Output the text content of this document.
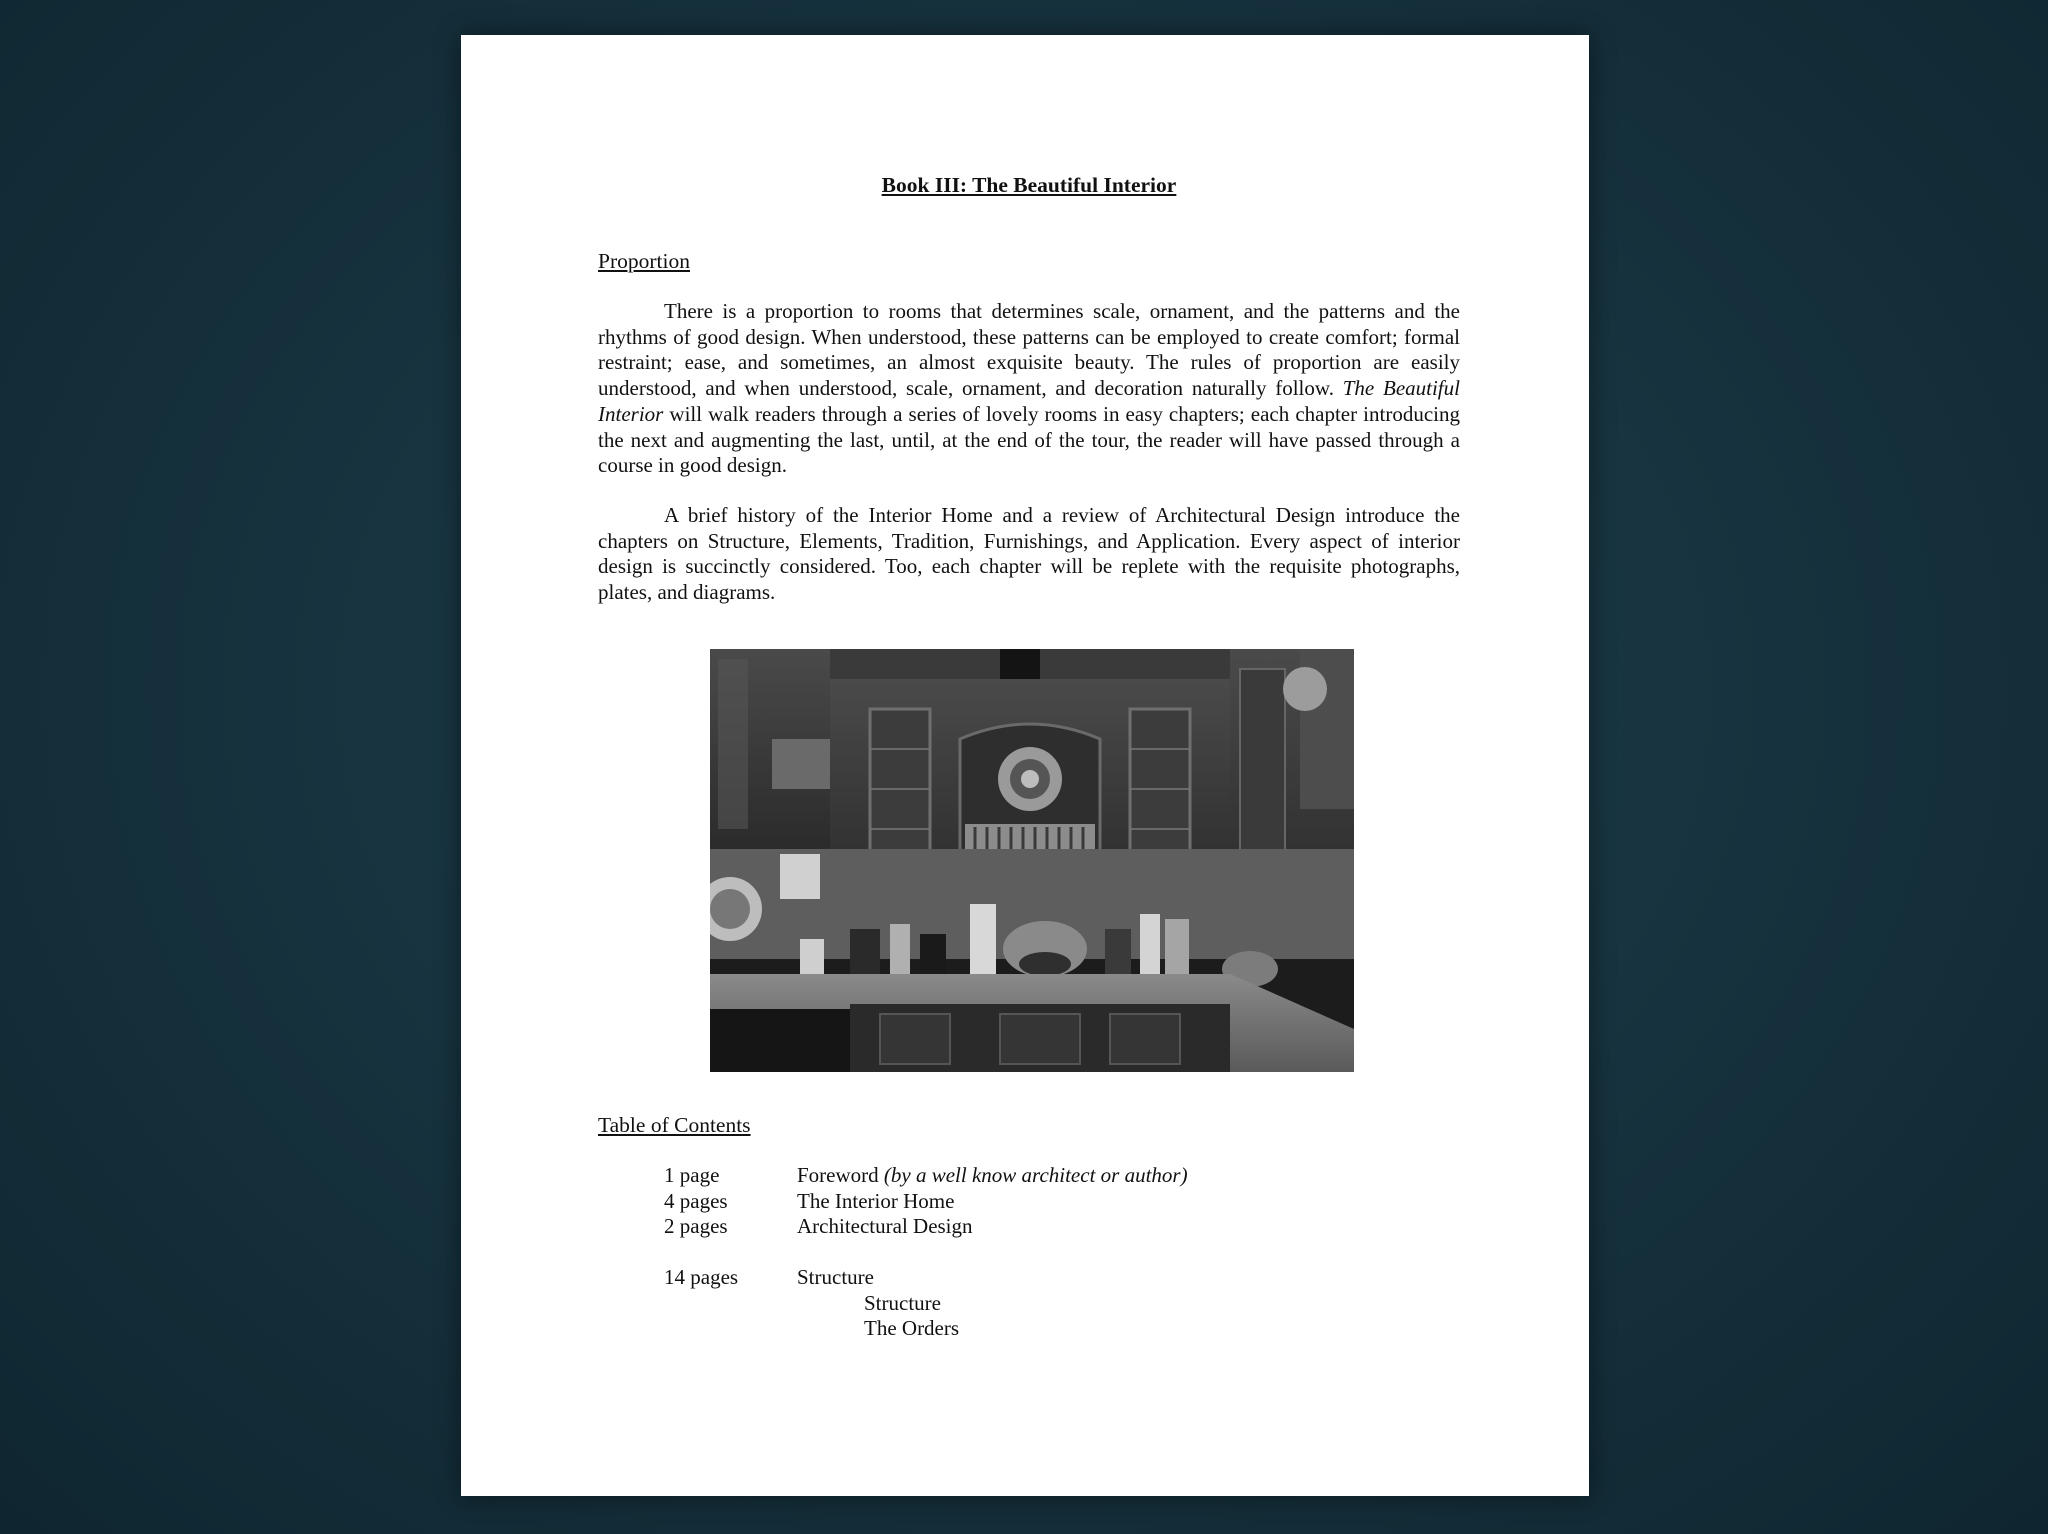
Book III: The Beautiful Interior
Proportion

There is a proportion to rooms that determines scale, ornament, and the patterns and the rhythms of good design. When understood, these patterns can be employed to create comfort; formal restraint; ease, and sometimes, an almost exquisite beauty. The rules of proportion are easily understood, and when understood, scale, ornament, and decoration naturally follow. The Beautiful Interior will walk readers through a series of lovely rooms in easy chapters; each chapter introducing the next and augmenting the last, until, at the end of the tour, the reader will have passed through a course in good design.

A brief history of the Interior Home and a review of Architectural Design introduce the chapters on Structure, Elements, Tradition, Furnishings, and Application. Every aspect of interior design is succinctly considered. Too, each chapter will be replete with the requisite photographs, plates, and diagrams.

Table of Contents
1 page	Foreword (by a well know architect or author)
4 pages	The Interior Home
2 pages	Architectural Design
14 pages	Structure
Structure
The Orders
